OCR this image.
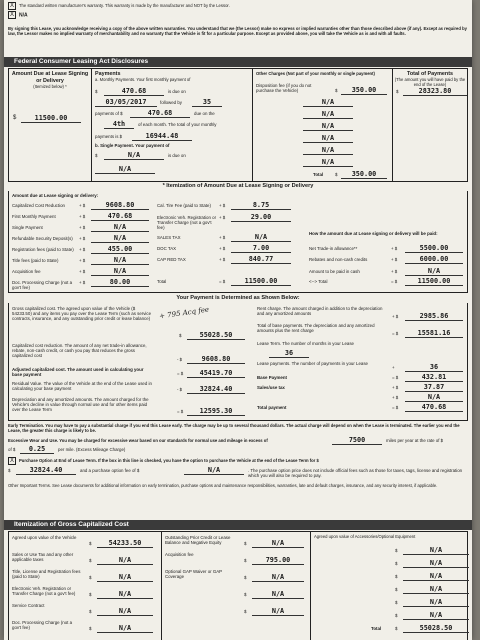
X The standard written manufacturer's warranty. This warranty is made by the manufacturer and NOT by the Lessor.
X N/A
By signing this Lease, you acknowledge receiving a copy of the above written warranties. You understand that we (the Lessor) make no express or implied warranties other than those described above (if any). Except as required by law, the Lessor makes no implied warranty of merchantability and no warranty that the Vehicle is fit for a particular purpose. Except as provided above, you will take the Vehicle as is and with all faults.
Federal Consumer Leasing Act Disclosures
Amount Due at Lease Signing or Delivery
(Itemized below) *
$	11500.00
Payments
a. Monthly Payments. Your first monthly payment of
$	470.68	is due on
03/05/2017	followed by	35
payments of $	470.68	due on the
4th	of each month. The total of your monthly
payments is $	16944.48
b. Single Payment. Your payment of
$	N/A	is due on
N/A
Other Charges (Not part of your monthly or single payment)
Disposition fee (if you do not purchase the Vehicle)	$	350.00
N/A
N/A
N/A
N/A
N/A
N/A
Total	$	350.00
Total of Payments
(The amount you will have paid by the end of the Lease)
$	28323.80
* Itemization of Amount Due at Lease Signing or Delivery
Amount due at Lease signing or delivery:
Capitalized Cost Reduction	+ $	9608.80
First Monthly Payment	+ $	470.68
Single Payment	+ $	N/A
Refundable Security Deposit(s)	+ $	N/A
Registration fees (paid to State)	+ $	455.00
Title fees (paid to State)	+ $	N/A
Acquisition fee	+ $	N/A
Doc. Processing Charge (not a gov't fee)
+ $	80.00
Cal. Tire Fee (paid to State)	+ $	8.75
Electronic Veh. Registration or Transfer Charge (not a gov't fee)
+ $	29.00
SALES TAX	+ $	N/A
DOC TAX	+ $	7.00
CAP RED TAX	+ $	840.77
Total	= $	11500.00
How the amount due at Lease signing or delivery will be paid:
Net Trade-in allowance**	+ $	5500.00
Rebates and non-cash credits	+ $	6000.00
Amount to be paid in cash	+ $	N/A
<--> Total	= $	11500.00
Your Payment is Determined as Shown Below:
Gross capitalized cost. The agreed upon value of the Vehicle ($ 54233.50) and any items you pay over the Lease Term (such as service contracts, insurance, and any outstanding prior credit or lease balance) + 795 Acq fee
$	55028.50
Capitalized cost reduction. The amount of any net trade-in allowance, rebate, non-cash credit, or cash you pay that reduces the gross capitalized cost
- $	9608.80
Adjusted capitalized cost. The amount used in calculating your base payment	= $	45419.70
Residual Value. The value of the Vehicle at the end of the Lease used in calculating your base payment	- $	32824.40
Depreciation and any amortized amounts. The amount charged for the Vehicle's decline in value through normal use and for other items paid over the Lease Term	= $	12595.30
Rent charge. The amount charged in addition to the depreciation and any amortized amounts
+ $	2985.86
Total of base payments. The depreciation and any amortized amounts plus the rent charge
= $	15581.16
Lease Term. The number of months in your Lease
36
Lease payments. The number of payments in your Lease
+	36
Base Payment	= $	432.81
Sales/use tax	+ $	37.87
+ $	N/A
Total payment	= $	470.68
Early Termination. You may have to pay a substantial charge if you end this Lease early. The charge may be up to several thousand dollars. The actual charge will depend on when the Lease is terminated. The earlier you end the Lease, the greater this charge is likely to be.
Excessive Wear and Use. You may be charged for excessive wear based on our standards for normal use and mileage in excess of	7500	miles per year at the rate of $
of $	0.25	per mile. (Excess Mileage Charge)
X Purchase Option at End of Lease Term. If the box in this line is checked, you have the option to purchase the Vehicle at the end of the Lease Term for $
$	32824.40	and a purchase option fee of $	N/A	. The purchase option price does not include official fees such as those for taxes, tags, license and registration which you will also be required to pay.
Other Important Terms. See Lease documents for additional information on early termination, purchase options and maintenance responsibilities, warranties, late and default charges, insurance, and any security interest, if applicable.
Itemization of Gross Capitalized Cost
Agreed upon value of the Vehicle
$	54233.50
Sales or Use Tax and any other applicable taxes	$	N/A
Title, License and Registration fees (paid to State)	$	N/A
Electronic Veh. Registration or Transfer Charge (not a gov't fee)	$	N/A
Service Contract
$	N/A
Doc. Processing Charge (not a gov't fee)	$	N/A
Outstanding Prior Credit or Lease Balance and Negative Equity	$	N/A
Acquisition fee
$	795.00
Optional GAP Waiver or GAP Coverage	$	N/A
$	N/A
$	N/A
Agreed upon value of Accessories/Optional Equipment
$	N/A
$	N/A
$	N/A
$	N/A
$	N/A
$	N/A
Total	$	55028.50
